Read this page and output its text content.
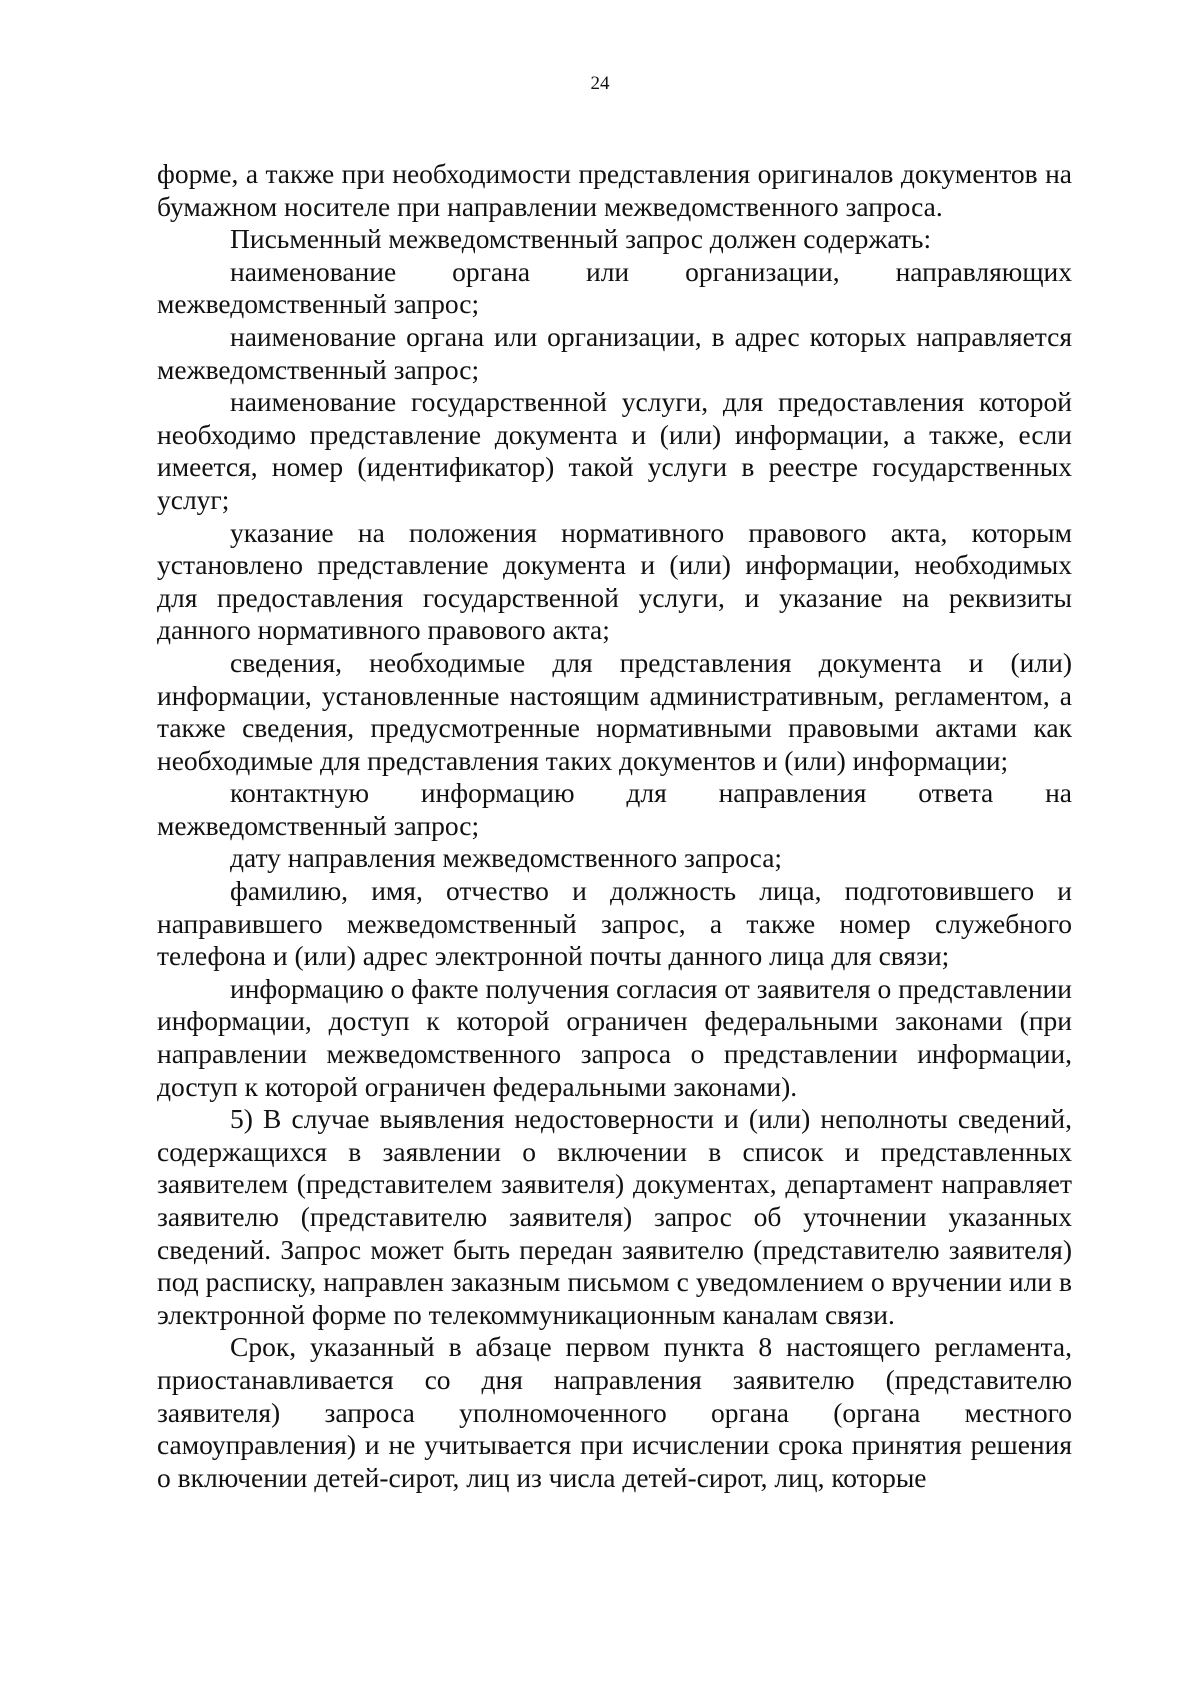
24

форме, а также при необходимости представления оригиналов документов на бумажном носителе при направлении межведомственного запроса.

Письменный межведомственный запрос должен содержать:

наименование органа или организации, направляющих межведомственный запрос;

наименование органа или организации, в адрес которых направляется межведомственный запрос;

наименование государственной услуги, для предоставления которой необходимо представление документа и (или) информации, а также, если имеется, номер (идентификатор) такой услуги в реестре государственных услуг;

указание на положения нормативного правового акта, которым установлено представление документа и (или) информации, необходимых для предоставления государственной услуги, и указание на реквизиты данного нормативного правового акта;

сведения, необходимые для представления документа и (или) информации, установленные настоящим административным, регламентом, а также сведения, предусмотренные нормативными правовыми актами как необходимые для представления таких документов и (или) информации;

контактную информацию для направления ответа на межведомственный запрос;

дату направления межведомственного запроса;

фамилию, имя, отчество и должность лица, подготовившего и направившего межведомственный запрос, а также номер служебного телефона и (или) адрес электронной почты данного лица для связи;

информацию о факте получения согласия от заявителя о представлении информации, доступ к которой ограничен федеральными законами (при направлении межведомственного запроса о представлении информации, доступ к которой ограничен федеральными законами).

5) В случае выявления недостоверности и (или) неполноты сведений, содержащихся в заявлении о включении в список и представленных заявителем (представителем заявителя) документах, департамент направляет заявителю (представителю заявителя) запрос об уточнении указанных сведений. Запрос может быть передан заявителю (представителю заявителя) под расписку, направлен заказным письмом с уведомлением о вручении или в электронной форме по телекоммуникационным каналам связи.

Срок, указанный в абзаце первом пункта 8 настоящего регламента, приостанавливается со дня направления заявителю (представителю заявителя) запроса уполномоченного органа (органа местного самоуправления) и не учитывается при исчислении срока принятия решения о включении детей-сирот, лиц из числа детей-сирот, лиц, которые
